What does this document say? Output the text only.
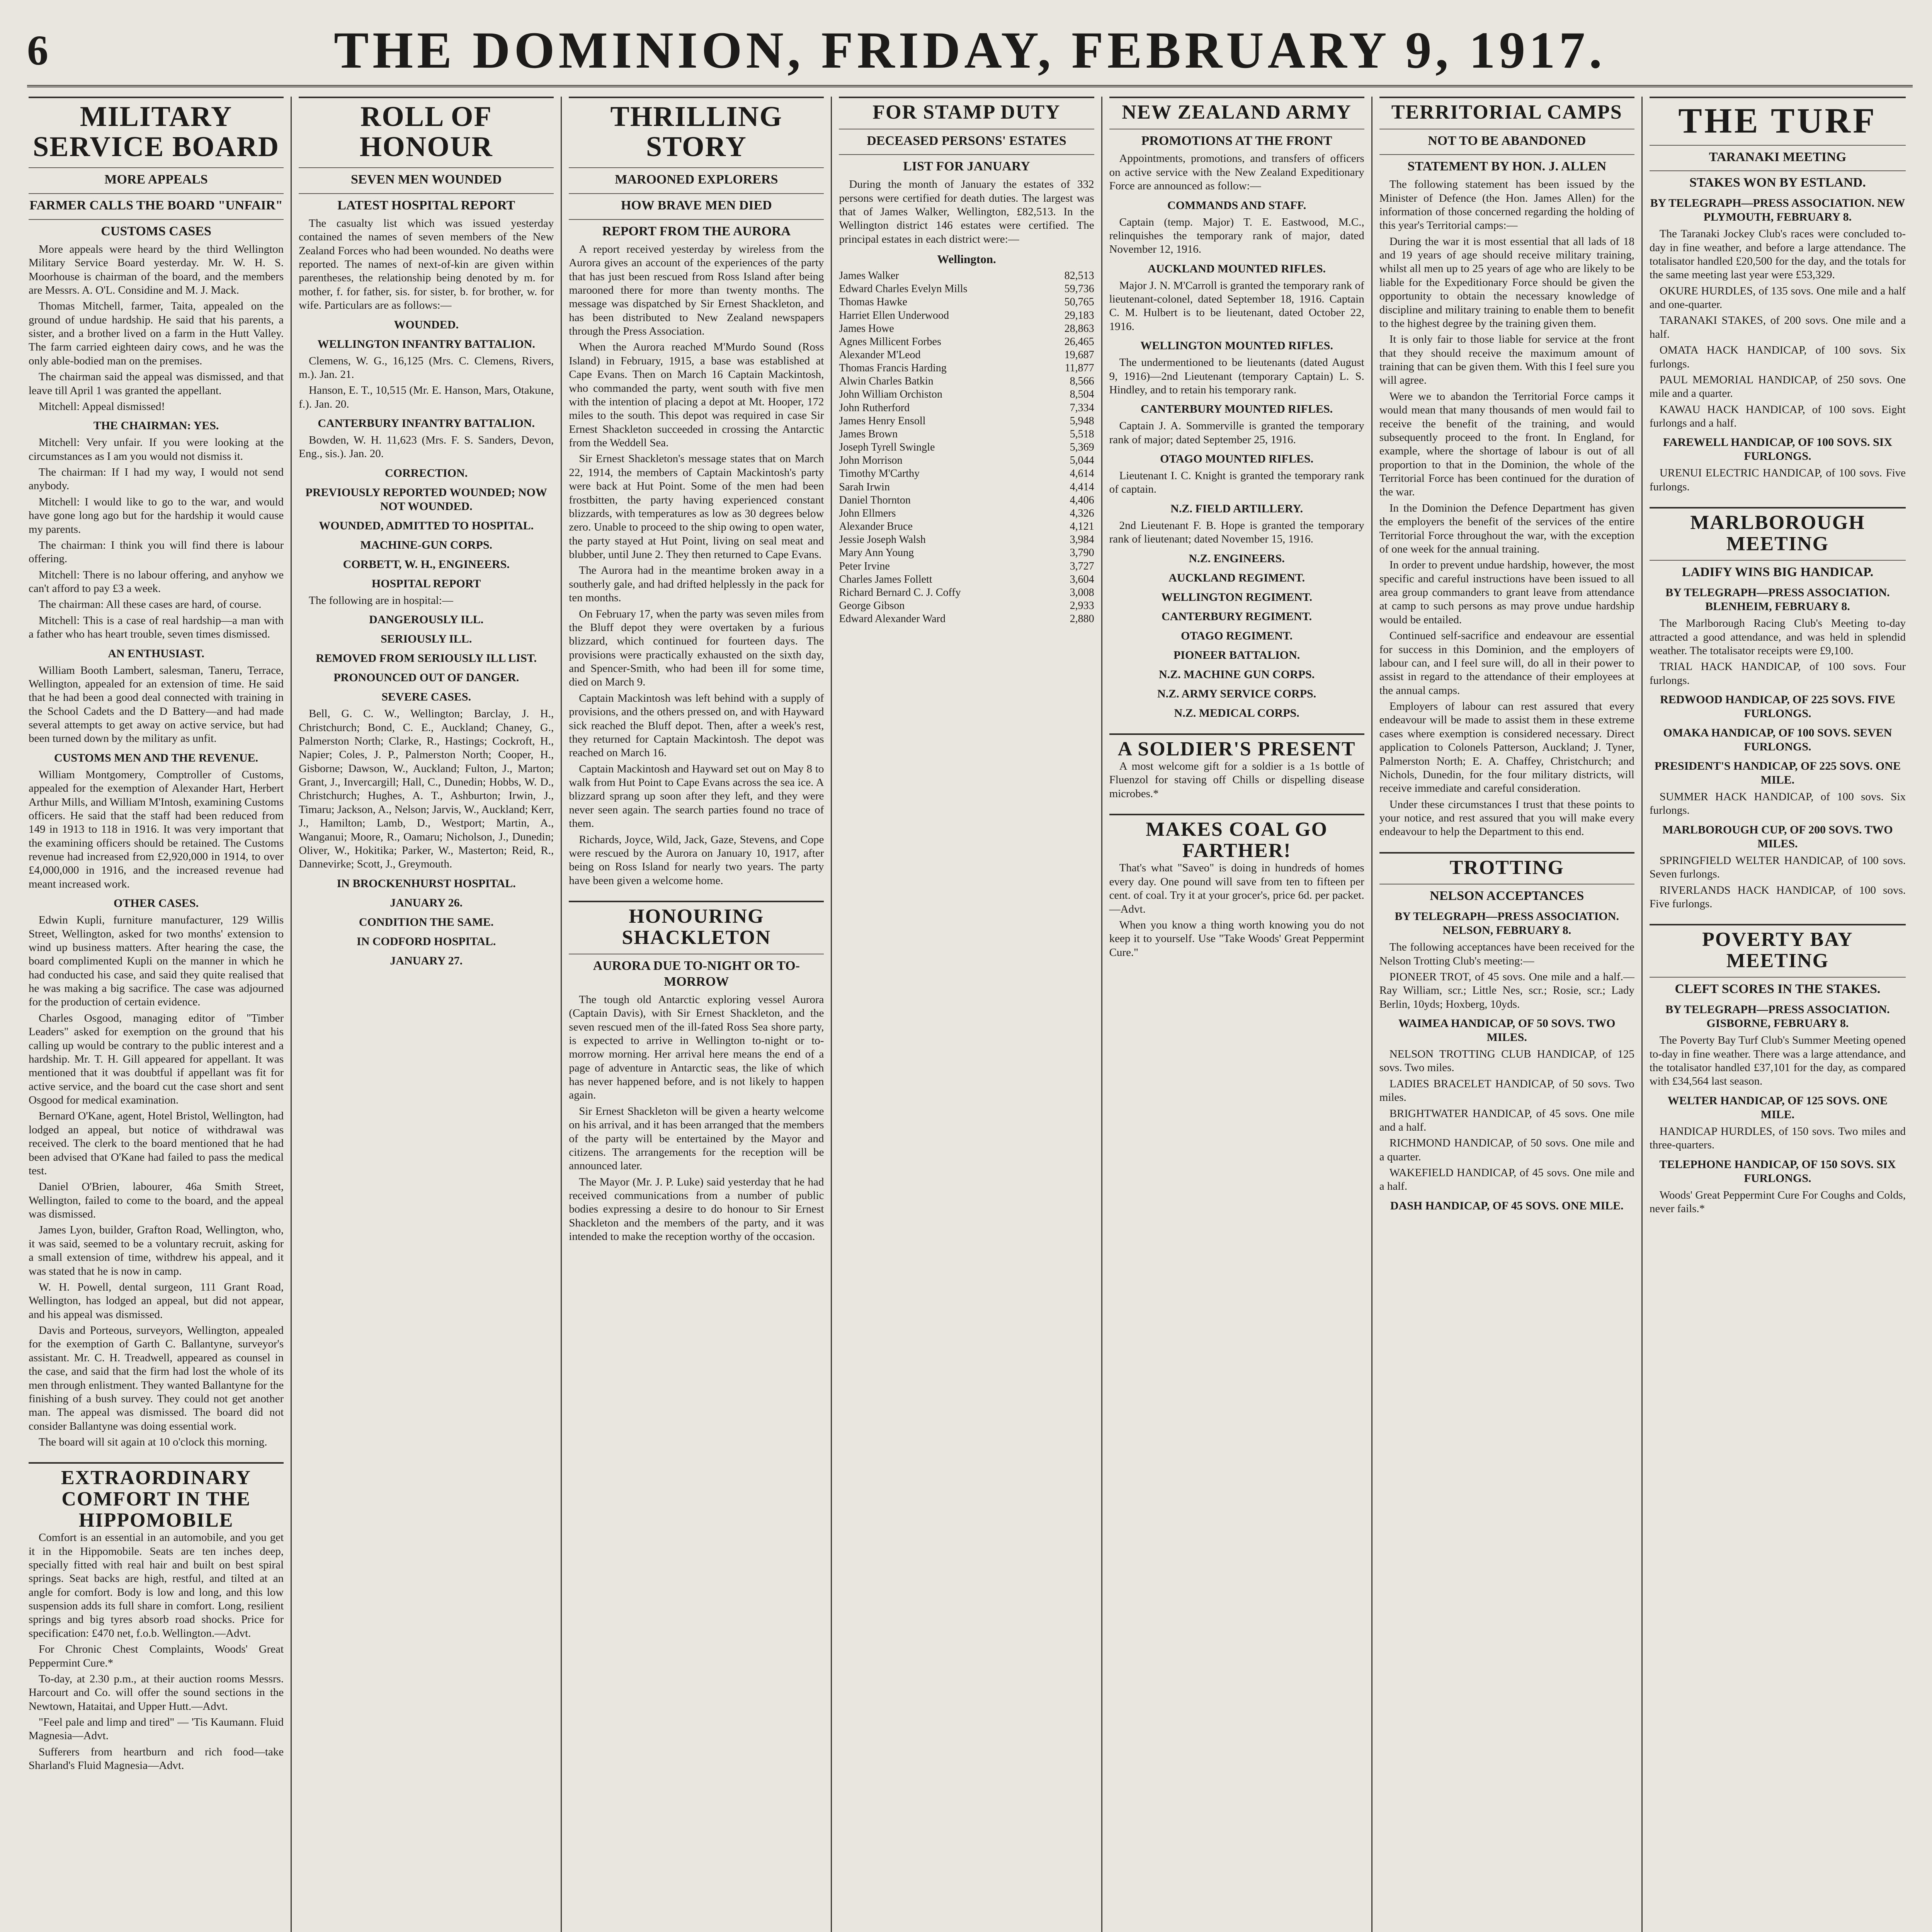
6	THE DOMINION, FRIDAY, FEBRUARY 9, 1917.
MILITARY SERVICE BOARD
MORE APPEALS
FARMER CALLS THE BOARD "UNFAIR"
CUSTOMS CASES

More appeals were heard by the third Wellington Military Service Board yesterday. Mr. W. H. S. Moorhouse is chairman of the board, and the members are Messrs. A. O'L. Considine and M. J. Mack.

Thomas Mitchell, farmer, Taita, appealed on the ground of undue hardship. He said that his parents, a sister, and a brother lived on a farm in the Hutt Valley. The farm carried eighteen dairy cows, and he was the only able-bodied man on the premises.

The chairman said the appeal was dismissed, and that leave till April 1 was granted the appellant.

Mitchell: Appeal dismissed!

THE CHAIRMAN: YES.

Mitchell: Very unfair. If you were looking at the circumstances as I am you would not dismiss it.

The chairman: If I had my way, I would not send anybody.

Mitchell: I would like to go to the war, and would have gone long ago but for the hardship it would cause my parents.

The chairman: I think you will find there is labour offering.

Mitchell: There is no labour offering, and anyhow we can't afford to pay £3 a week.

The chairman: All these cases are hard, of course.

Mitchell: This is a case of real hardship—a man with a father who has heart trouble, seven times dismissed.

AN ENTHUSIAST.

William Booth Lambert, salesman, Taneru, Terrace, Wellington, appealed for an extension of time. He said that he had been a good deal connected with training in the School Cadets and the D Battery—and had made several attempts to get away on active service, but had been turned down by the military as unfit.

CUSTOMS MEN AND THE REVENUE.

William Montgomery, Comptroller of Customs, appealed for the exemption of Alexander Hart, Herbert Arthur Mills, and William M'Intosh, examining Customs officers. He said that the staff had been reduced from 149 in 1913 to 118 in 1916. It was very important that the examining officers should be retained. The Customs revenue had increased from £2,920,000 in 1914, to over £4,000,000 in 1916, and the increased revenue had meant increased work.

OTHER CASES.

Edwin Kupli, furniture manufacturer, 129 Willis Street, Wellington, asked for two months' extension to wind up business matters. After hearing the case, the board complimented Kupli on the manner in which he had conducted his case, and said they quite realised that he was making a big sacrifice. The case was adjourned for the production of certain evidence.

Charles Osgood, managing editor of "Timber Leaders" asked for exemption on the ground that his calling up would be contrary to the public interest and a hardship. Mr. T. H. Gill appeared for appellant. It was mentioned that it was doubtful if appellant was fit for active service, and the board cut the case short and sent Osgood for medical examination.

Bernard O'Kane, agent, Hotel Bristol, Wellington, had lodged an appeal, but notice of withdrawal was received. The clerk to the board mentioned that he had been advised that O'Kane had failed to pass the medical test.

Daniel O'Brien, labourer, 46a Smith Street, Wellington, failed to come to the board, and the appeal was dismissed.

James Lyon, builder, Grafton Road, Wellington, who, it was said, seemed to be a voluntary recruit, asking for a small extension of time, withdrew his appeal, and it was stated that he is now in camp.

W. H. Powell, dental surgeon, 111 Grant Road, Wellington, has lodged an appeal, but did not appear, and his appeal was dismissed.

Davis and Porteous, surveyors, Wellington, appealed for the exemption of Garth C. Ballantyne, surveyor's assistant. Mr. C. H. Treadwell, appeared as counsel in the case, and said that the firm had lost the whole of its men through enlistment. They wanted Ballantyne for the finishing of a bush survey. They could not get another man. The appeal was dismissed. The board did not consider Ballantyne was doing essential work.

The board will sit again at 10 o'clock this morning.

EXTRAORDINARY COMFORT IN THE HIPPOMOBILE

Comfort is an essential in an automobile, and you get it in the Hippomobile. Seats are ten inches deep, specially fitted with real hair and built on best spiral springs. Seat backs are high, restful, and tilted at an angle for comfort. Body is low and long, and this low suspension adds its full share in comfort. Long, resilient springs and big tyres absorb road shocks. Price for specification: £470 net, f.o.b. Wellington.—Advt.

For Chronic Chest Complaints, Woods' Great Peppermint Cure.*

To-day, at 2.30 p.m., at their auction rooms Messrs. Harcourt and Co. will offer the sound sections in the Newtown, Hataitai, and Upper Hutt.—Advt.

"Feel pale and limp and tired" — 'Tis Kaumann. Fluid Magnesia—Advt.

Sufferers from heartburn and rich food—take Sharland's Fluid Magnesia—Advt.

ROLL OF HONOUR
SEVEN MEN WOUNDED
LATEST HOSPITAL REPORT

The casualty list which was issued yesterday contained the names of seven members of the New Zealand Forces who had been wounded. No deaths were reported. The names of next-of-kin are given within parentheses, the relationship being denoted by m. for mother, f. for father, sis. for sister, b. for brother, w. for wife. Particulars are as follows:—

WOUNDED.
WELLINGTON INFANTRY BATTALION.

Clemens, W. G., 16,125 (Mrs. C. Clemens, Rivers, m.). Jan. 21.

Hanson, E. T., 10,515 (Mr. E. Hanson, Mars, Otakune, f.). Jan. 20.

CANTERBURY INFANTRY BATTALION.

Bowden, W. H. 11,623 (Mrs. F. S. Sanders, Devon, Eng., sis.). Jan. 20.

CORRECTION.
PREVIOUSLY REPORTED WOUNDED; NOW NOT WOUNDED.
WOUNDED, ADMITTED TO HOSPITAL.
MACHINE-GUN CORPS.
CORBETT, W. H., ENGINEERS.
HOSPITAL REPORT

The following are in hospital:—

DANGEROUSLY ILL.
SERIOUSLY ILL.
REMOVED FROM SERIOUSLY ILL LIST.
PRONOUNCED OUT OF DANGER.
SEVERE CASES.

Bell, G. C. W., Wellington; Barclay, J. H., Christchurch; Bond, C. E., Auckland; Chaney, G., Palmerston North; Clarke, R., Hastings; Cockroft, H., Napier; Coles, J. P., Palmerston North; Cooper, H., Gisborne; Dawson, W., Auckland; Fulton, J., Marton; Grant, J., Invercargill; Hall, C., Dunedin; Hobbs, W. D., Christchurch; Hughes, A. T., Ashburton; Irwin, J., Timaru; Jackson, A., Nelson; Jarvis, W., Auckland; Kerr, J., Hamilton; Lamb, D., Westport; Martin, A., Wanganui; Moore, R., Oamaru; Nicholson, J., Dunedin; Oliver, W., Hokitika; Parker, W., Masterton; Reid, R., Dannevirke; Scott, J., Greymouth.

IN BROCKENHURST HOSPITAL.
JANUARY 26.
CONDITION THE SAME.
IN CODFORD HOSPITAL.
JANUARY 27.
THRILLING STORY
MAROONED EXPLORERS
HOW BRAVE MEN DIED
REPORT FROM THE AURORA

A report received yesterday by wireless from the Aurora gives an account of the experiences of the party that has just been rescued from Ross Island after being marooned there for more than twenty months. The message was dispatched by Sir Ernest Shackleton, and has been distributed to New Zealand newspapers through the Press Association.

When the Aurora reached M'Murdo Sound (Ross Island) in February, 1915, a base was established at Cape Evans. Then on March 16 Captain Mackintosh, who commanded the party, went south with five men with the intention of placing a depot at Mt. Hooper, 172 miles to the south. This depot was required in case Sir Ernest Shackleton succeeded in crossing the Antarctic from the Weddell Sea.

Sir Ernest Shackleton's message states that on March 22, 1914, the members of Captain Mackintosh's party were back at Hut Point. Some of the men had been frostbitten, the party having experienced constant blizzards, with temperatures as low as 30 degrees below zero. Unable to proceed to the ship owing to open water, the party stayed at Hut Point, living on seal meat and blubber, until June 2. They then returned to Cape Evans.

The Aurora had in the meantime broken away in a southerly gale, and had drifted helplessly in the pack for ten months.

On February 17, when the party was seven miles from the Bluff depot they were overtaken by a furious blizzard, which continued for fourteen days. The provisions were practically exhausted on the sixth day, and Spencer-Smith, who had been ill for some time, died on March 9.

Captain Mackintosh was left behind with a supply of provisions, and the others pressed on, and with Hayward sick reached the Bluff depot. Then, after a week's rest, they returned for Captain Mackintosh. The depot was reached on March 16.

Captain Mackintosh and Hayward set out on May 8 to walk from Hut Point to Cape Evans across the sea ice. A blizzard sprang up soon after they left, and they were never seen again. The search parties found no trace of them.

Richards, Joyce, Wild, Jack, Gaze, Stevens, and Cope were rescued by the Aurora on January 10, 1917, after being on Ross Island for nearly two years. The party have been given a welcome home.

HONOURING SHACKLETON
AURORA DUE TO-NIGHT OR TO-MORROW

The tough old Antarctic exploring vessel Aurora (Captain Davis), with Sir Ernest Shackleton, and the seven rescued men of the ill-fated Ross Sea shore party, is expected to arrive in Wellington to-night or to-morrow morning. Her arrival here means the end of a page of adventure in Antarctic seas, the like of which has never happened before, and is not likely to happen again.

Sir Ernest Shackleton will be given a hearty welcome on his arrival, and it has been arranged that the members of the party will be entertained by the Mayor and citizens. The arrangements for the reception will be announced later.

The Mayor (Mr. J. P. Luke) said yesterday that he had received communications from a number of public bodies expressing a desire to do honour to Sir Ernest Shackleton and the members of the party, and it was intended to make the reception worthy of the occasion.

FOR STAMP DUTY
DECEASED PERSONS' ESTATES
LIST FOR JANUARY

During the month of January the estates of 332 persons were certified for death duties. The largest was that of James Walker, Wellington, £82,513. In the Wellington district 146 estates were certified. The principal estates in each district were:—

Wellington.
James Walker	82,513
Edward Charles Evelyn Mills	59,736
Thomas Hawke	50,765
Harriet Ellen Underwood	29,183
James Howe	28,863
Agnes Millicent Forbes	26,465
Alexander M'Leod	19,687
Thomas Francis Harding	11,877
Alwin Charles Batkin	8,566
John William Orchiston	8,504
John Rutherford	7,334
James Henry Ensoll	5,948
James Brown	5,518
Joseph Tyrell Swingle	5,369
John Morrison	5,044
Timothy M'Carthy	4,614
Sarah Irwin	4,414
Daniel Thornton	4,406
John Ellmers	4,326
Alexander Bruce	4,121
Jessie Joseph Walsh	3,984
Mary Ann Young	3,790
Peter Irvine	3,727
Charles James Follett	3,604
Richard Bernard C. J. Coffy	3,008
George Gibson	2,933
Edward Alexander Ward	2,880
NEW ZEALAND ARMY
PROMOTIONS AT THE FRONT

Appointments, promotions, and transfers of officers on active service with the New Zealand Expeditionary Force are announced as follow:—

COMMANDS AND STAFF.

Captain (temp. Major) T. E. Eastwood, M.C., relinquishes the temporary rank of major, dated November 12, 1916.

AUCKLAND MOUNTED RIFLES.

Major J. N. M'Carroll is granted the temporary rank of lieutenant-colonel, dated September 18, 1916. Captain C. M. Hulbert is to be lieutenant, dated October 22, 1916.

WELLINGTON MOUNTED RIFLES.

The undermentioned to be lieutenants (dated August 9, 1916)—2nd Lieutenant (temporary Captain) L. S. Hindley, and to retain his temporary rank.

CANTERBURY MOUNTED RIFLES.

Captain J. A. Sommerville is granted the temporary rank of major; dated September 25, 1916.

OTAGO MOUNTED RIFLES.

Lieutenant I. C. Knight is granted the temporary rank of captain.

N.Z. FIELD ARTILLERY.

2nd Lieutenant F. B. Hope is granted the temporary rank of lieutenant; dated November 15, 1916.

N.Z. ENGINEERS.
AUCKLAND REGIMENT.
WELLINGTON REGIMENT.
CANTERBURY REGIMENT.
OTAGO REGIMENT.
PIONEER BATTALION.
N.Z. MACHINE GUN CORPS.
N.Z. ARMY SERVICE CORPS.
N.Z. MEDICAL CORPS.
A SOLDIER'S PRESENT

A most welcome gift for a soldier is a 1s bottle of Fluenzol for staving off Chills or dispelling disease microbes.*

MAKES COAL GO FARTHER!

That's what "Saveo" is doing in hundreds of homes every day. One pound will save from ten to fifteen per cent. of coal. Try it at your grocer's, price 6d. per packet.—Advt.

When you know a thing worth knowing you do not keep it to yourself. Use "Take Woods' Great Peppermint Cure."

TERRITORIAL CAMPS
NOT TO BE ABANDONED
STATEMENT BY HON. J. ALLEN

The following statement has been issued by the Minister of Defence (the Hon. James Allen) for the information of those concerned regarding the holding of this year's Territorial camps:—

During the war it is most essential that all lads of 18 and 19 years of age should receive military training, whilst all men up to 25 years of age who are likely to be liable for the Expeditionary Force should be given the opportunity to obtain the necessary knowledge of discipline and military training to enable them to benefit to the highest degree by the training given them.

It is only fair to those liable for service at the front that they should receive the maximum amount of training that can be given them. With this I feel sure you will agree.

Were we to abandon the Territorial Force camps it would mean that many thousands of men would fail to receive the benefit of the training, and would subsequently proceed to the front. In England, for example, where the shortage of labour is out of all proportion to that in the Dominion, the whole of the Territorial Force has been continued for the duration of the war.

In the Dominion the Defence Department has given the employers the benefit of the services of the entire Territorial Force throughout the war, with the exception of one week for the annual training.

In order to prevent undue hardship, however, the most specific and careful instructions have been issued to all area group commanders to grant leave from attendance at camp to such persons as may prove undue hardship would be entailed.

Continued self-sacrifice and endeavour are essential for success in this Dominion, and the employers of labour can, and I feel sure will, do all in their power to assist in regard to the attendance of their employees at the annual camps.

Employers of labour can rest assured that every endeavour will be made to assist them in these extreme cases where exemption is considered necessary. Direct application to Colonels Patterson, Auckland; J. Tyner, Palmerston North; E. A. Chaffey, Christchurch; and Nichols, Dunedin, for the four military districts, will receive immediate and careful consideration.

Under these circumstances I trust that these points to your notice, and rest assured that you will make every endeavour to help the Department to this end.

TROTTING
NELSON ACCEPTANCES
BY TELEGRAPH—PRESS ASSOCIATION. NELSON, FEBRUARY 8.

The following acceptances have been received for the Nelson Trotting Club's meeting:—

PIONEER TROT, of 45 sovs. One mile and a half.—Ray William, scr.; Little Nes, scr.; Rosie, scr.; Lady Berlin, 10yds; Hoxberg, 10yds.

WAIMEA HANDICAP, OF 50 SOVS. TWO MILES.

NELSON TROTTING CLUB HANDICAP, of 125 sovs. Two miles.

LADIES BRACELET HANDICAP, of 50 sovs. Two miles.

BRIGHTWATER HANDICAP, of 45 sovs. One mile and a half.

RICHMOND HANDICAP, of 50 sovs. One mile and a quarter.

WAKEFIELD HANDICAP, of 45 sovs. One mile and a half.

DASH HANDICAP, OF 45 SOVS. ONE MILE.
THE TURF
TARANAKI MEETING
STAKES WON BY ESTLAND.
BY TELEGRAPH—PRESS ASSOCIATION. NEW PLYMOUTH, FEBRUARY 8.

The Taranaki Jockey Club's races were concluded to-day in fine weather, and before a large attendance. The totalisator handled £20,500 for the day, and the totals for the same meeting last year were £53,329.

OKURE HURDLES, of 135 sovs. One mile and a half and one-quarter.

TARANAKI STAKES, of 200 sovs. One mile and a half.

OMATA HACK HANDICAP, of 100 sovs. Six furlongs.

PAUL MEMORIAL HANDICAP, of 250 sovs. One mile and a quarter.

KAWAU HACK HANDICAP, of 100 sovs. Eight furlongs and a half.

FAREWELL HANDICAP, OF 100 SOVS. SIX FURLONGS.

URENUI ELECTRIC HANDICAP, of 100 sovs. Five furlongs.

MARLBOROUGH MEETING
LADIFY WINS BIG HANDICAP.
BY TELEGRAPH—PRESS ASSOCIATION. BLENHEIM, FEBRUARY 8.

The Marlborough Racing Club's Meeting to-day attracted a good attendance, and was held in splendid weather. The totalisator receipts were £9,100.

TRIAL HACK HANDICAP, of 100 sovs. Four furlongs.

REDWOOD HANDICAP, OF 225 SOVS. FIVE FURLONGS.
OMAKA HANDICAP, OF 100 SOVS. SEVEN FURLONGS.
PRESIDENT'S HANDICAP, OF 225 SOVS. ONE MILE.

SUMMER HACK HANDICAP, of 100 sovs. Six furlongs.

MARLBOROUGH CUP, OF 200 SOVS. TWO MILES.

SPRINGFIELD WELTER HANDICAP, of 100 sovs. Seven furlongs.

RIVERLANDS HACK HANDICAP, of 100 sovs. Five furlongs.

POVERTY BAY MEETING
CLEFT SCORES IN THE STAKES.
BY TELEGRAPH—PRESS ASSOCIATION. GISBORNE, FEBRUARY 8.

The Poverty Bay Turf Club's Summer Meeting opened to-day in fine weather. There was a large attendance, and the totalisator handled £37,101 for the day, as compared with £34,564 last season.

WELTER HANDICAP, OF 125 SOVS. ONE MILE.

HANDICAP HURDLES, of 150 sovs. Two miles and three-quarters.

TELEPHONE HANDICAP, OF 150 SOVS. SIX FURLONGS.

Woods' Great Peppermint Cure For Coughs and Colds, never fails.*
